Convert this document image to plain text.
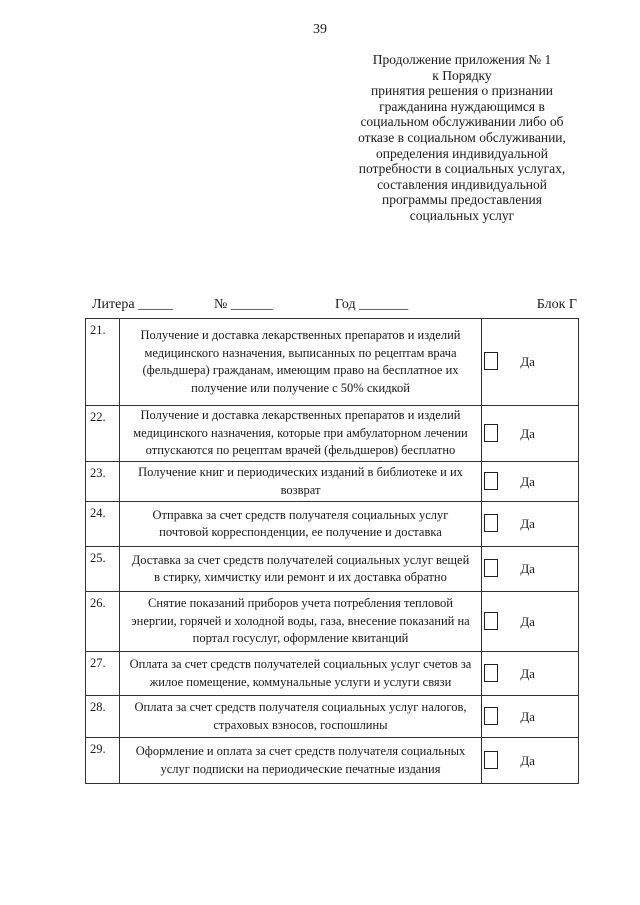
39
Продолжение приложения № 1
к Порядку
принятия решения о признании
гражданина нуждающимся в
социальном обслуживании либо об
отказе в социальном обслуживании,
определения индивидуальной
потребности в социальных услугах,
составления индивидуальной
программы предоставления
социальных услуг
Литера _____	№ ______	Год _______	Блок Г
21.	Получение и доставка лекарственных препаратов и изделий
медицинского назначения, выписанных по рецептам врача
(фельдшера) гражданам, имеющим право на бесплатное их
получение или получение с 50% скидкой	Да

22.	Получение и доставка лекарственных препаратов и изделий
медицинского назначения, которые при амбулаторном лечении
отпускаются по рецептам врачей (фельдшеров) бесплатно	Да

23.	Получение книг и периодических изданий в библиотеке и их
возврат	Да

24.	Отправка за счет средств получателя социальных услуг
почтовой корреспонденции, ее получение и доставка	Да

25.	Доставка за счет средств получателей социальных услуг вещей
в стирку, химчистку или ремонт и их доставка обратно	Да

26.	Снятие показаний приборов учета потребления тепловой
энергии, горячей и холодной воды, газа, внесение показаний на
портал госуслуг, оформление квитанций	Да

27.	Оплата за счет средств получателей социальных услуг счетов за
жилое помещение, коммунальные услуги и услуги связи	Да

28.	Оплата за счет средств получателя социальных услуг налогов,
страховых взносов, госпошлины	Да

29.	Оформление и оплата за счет средств получателя социальных
услуг подписки на периодические печатные издания	Да
